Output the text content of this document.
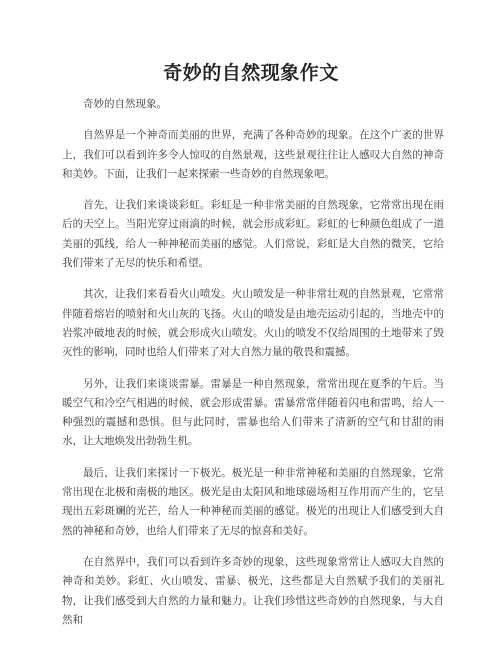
奇妙的自然现象作文

奇妙的自然现象。

自然界是一个神奇而美丽的世界，充满了各种奇妙的现象。在这个广袤的世界上，我们可以看到许多令人惊叹的自然景观，这些景观往往让人感叹大自然的神奇和美妙。下面，让我们一起来探索一些奇妙的自然现象吧。

首先，让我们来谈谈彩虹。彩虹是一种非常美丽的自然现象，它常常出现在雨后的天空上。当阳光穿过雨滴的时候，就会形成彩虹。彩虹的七种颜色组成了一道美丽的弧线，给人一种神秘而美丽的感觉。人们常说，彩虹是大自然的微笑，它给我们带来了无尽的快乐和希望。

其次，让我们来看看火山喷发。火山喷发是一种非常壮观的自然景观，它常常伴随着熔岩的喷射和火山灰的飞扬。火山的喷发是由地壳运动引起的，当地壳中的岩浆冲破地表的时候，就会形成火山喷发。火山的喷发不仅给周围的土地带来了毁灭性的影响，同时也给人们带来了对大自然力量的敬畏和震撼。

另外，让我们来谈谈雷暴。雷暴是一种自然现象，常常出现在夏季的午后。当暖空气和冷空气相遇的时候，就会形成雷暴。雷暴常常伴随着闪电和雷鸣，给人一种强烈的震撼和恐惧。但与此同时，雷暴也给人们带来了清新的空气和甘甜的雨水，让大地焕发出勃勃生机。

最后，让我们来探讨一下极光。极光是一种非常神秘和美丽的自然现象，它常常出现在北极和南极的地区。极光是由太阳风和地球磁场相互作用而产生的，它呈现出五彩斑斓的光芒，给人一种神秘而美丽的感觉。极光的出现让人们感受到大自然的神秘和奇妙，也给人们带来了无尽的惊喜和美好。

在自然界中，我们可以看到许多奇妙的现象，这些现象常常让人感叹大自然的神奇和美妙。彩虹、火山喷发、雷暴、极光，这些都是大自然赋予我们的美丽礼物，让我们感受到大自然的力量和魅力。让我们珍惜这些奇妙的自然现象，与大自然和
